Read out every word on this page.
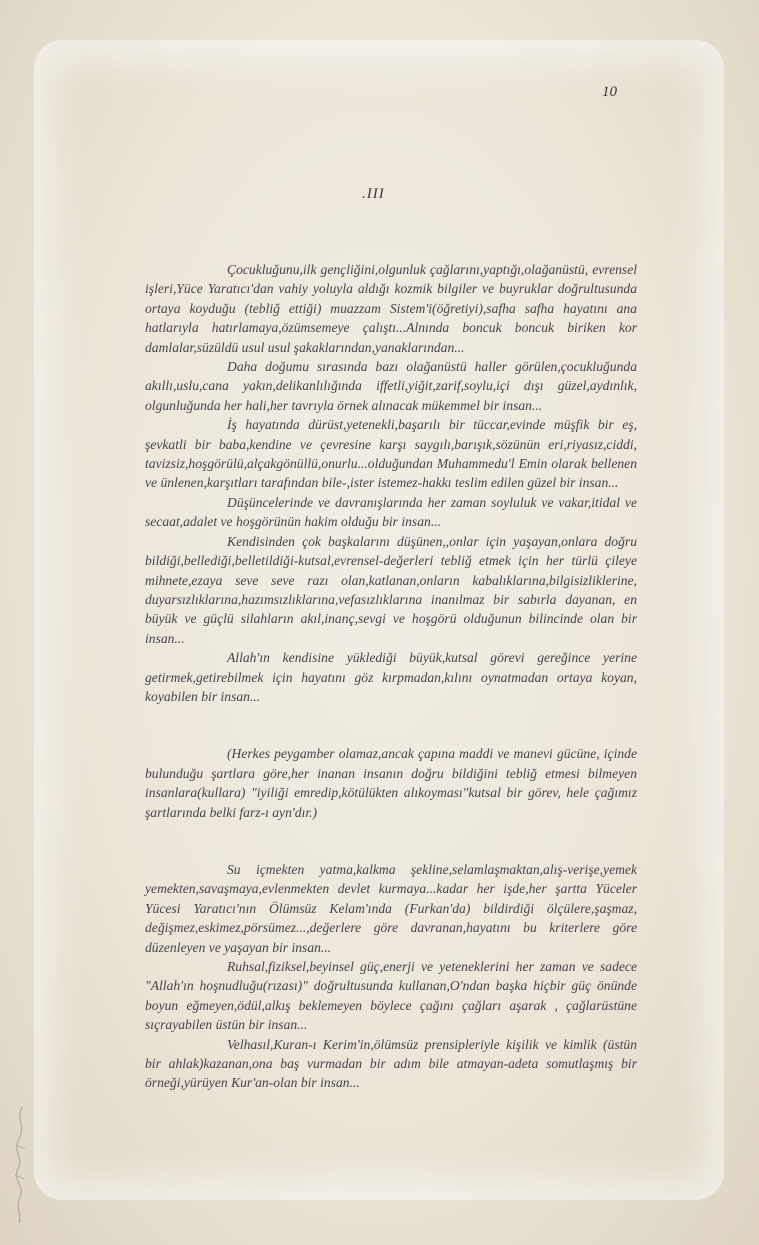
10
.III

Çocukluğunu,ilk gençliğini,olgunluk çağlarını,yaptığı,olağanüstü, evrensel işleri,Yüce Yaratıcı'dan vahiy yoluyla aldığı kozmik bilgiler ve buyruklar doğrultusunda ortaya koyduğu (tebliğ ettiği) muazzam Sistem'i(öğretiyi),safha safha hayatını ana hatlarıyla hatırlamaya,özümsemeye çalıştı...Alnında boncuk boncuk biriken kor damlalar,süzüldü usul usul şakaklarından,yanaklarından...

Daha doğumu sırasında bazı olağanüstü haller görülen,çocukluğunda akıllı,uslu,cana yakın,delikanlılığında iffetli,yiğit,zarif,soylu,içi dışı güzel,aydınlık, olgunluğunda her hali,her tavrıyla örnek alınacak mükemmel bir insan...

İş hayatında dürüst,yetenekli,başarılı bir tüccar,evinde müşfik bir eş, şevkatli bir baba,kendine ve çevresine karşı saygılı,barışık,sözünün eri,riyasız,ciddi, tavizsiz,hoşgörülü,alçakgönüllü,onurlu...olduğundan Muhammedu'l Emin olarak bellenen ve ünlenen,karşıtları tarafından bile-,ister istemez-hakkı teslim edilen güzel bir insan...

Düşüncelerinde ve davranışlarında her zaman soyluluk ve vakar,itidal ve secaat,adalet ve hoşgörünün hakim olduğu bir insan...

Kendisinden çok başkalarını düşünen,,onlar için yaşayan,onlara doğru bildiği,bellediği,belletildiği-kutsal,evrensel-değerleri tebliğ etmek için her türlü çileye mihnete,ezaya seve seve razı olan,katlanan,onların kabalıklarına,bilgisizliklerine, duyarsızlıklarına,hazımsızlıklarına,vefasızlıklarına inanılmaz bir sabırla dayanan, en büyük ve güçlü silahların akıl,inanç,sevgi ve hoşgörü olduğunun bilincinde olan bir insan...

Allah'ın kendisine yüklediği büyük,kutsal görevi gereğince yerine getirmek,getirebilmek için hayatını göz kırpmadan,kılını oynatmadan ortaya koyan, koyabilen bir insan...

(Herkes peygamber olamaz,ancak çapına maddi ve manevi gücüne, içinde bulunduğu şartlara göre,her inanan insanın doğru bildiğini tebliğ etmesi bilmeyen insanlara(kullara) "iyiliği emredip,kötülükten alıkoyması"kutsal bir görev, hele çağımız şartlarında belki farz-ı ayn'dır.)

Su içmekten yatma,kalkma şekline,selamlaşmaktan,alış-verişe,yemek yemekten,savaşmaya,evlenmekten devlet kurmaya...kadar her işde,her şartta Yüceler Yücesi Yaratıcı'nın Ölümsüz Kelam'ında (Furkan'da) bildirdiği ölçülere,şaşmaz, değişmez,eskimez,pörsümez...,değerlere göre davranan,hayatını bu kriterlere göre düzenleyen ve yaşayan bir insan...

Ruhsal,fiziksel,beyinsel güç,enerji ve yeteneklerini her zaman ve sadece "Allah'ın hoşnudluğu(rızası)" doğrultusunda kullanan,O'ndan başka hiçbir güç önünde boyun eğmeyen,ödül,alkış beklemeyen böylece çağını çağları aşarak , çağlarüstüne sıçrayabilen üstün bir insan...

Velhasıl,Kuran-ı Kerim'in,ölümsüz prensipleriyle kişilik ve kimlik (üstün bir ahlak)kazanan,ona baş vurmadan bir adım bile atmayan-adeta somutlaşmış bir örneği,yürüyen Kur'an-olan bir insan...
